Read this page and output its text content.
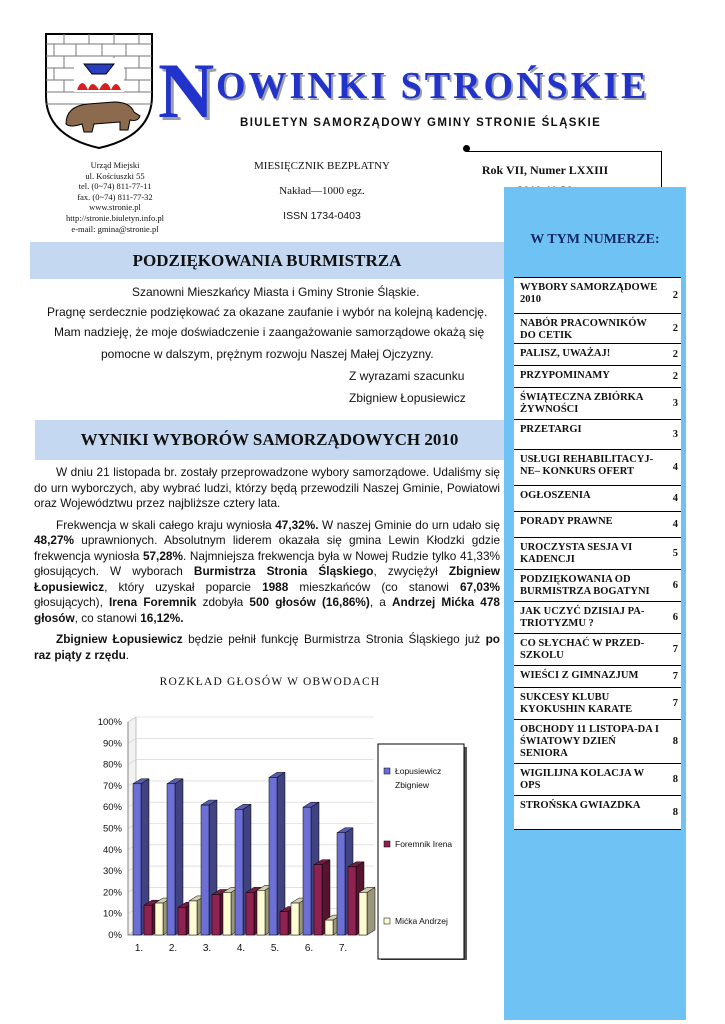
N OWINKI STROŃSKIE
BIULETYN SAMORZĄDOWY GMINY STRONIE ŚLĄSKIE
Urząd Miejski
ul. Kościuszki 55
tel. (0~74) 811-77-11
fax. (0~74) 811-77-32
www.stronie.pl
http://stronie.biuletyn.info.pl
e-mail: gmina@stronie.pl
MIESIĘCZNIK BEZPŁATNY
Nakład—1000 egz.
ISSN 1734-0403
Rok VII, Numer LXXIII
W TYM NUMERZE:
WYBORY SAMORZĄDOWE 2010	2
NABÓR PRACOWNIKÓW DO CETIK
2
PALISZ, UWAŻAJ!	2
PRZYPOMINAMY	2
ŚWIĄTECZNA ZBIÓRKA ŻYWNOŚCI
3
PRZETARGI	3
USŁUGI REHABILITACYJ-NE– KONKURS OFERT	4
OGŁOSZENIA	4
PORADY PRAWNE	4
UROCZYSTA SESJA VI KADENCJI
5
PODZIĘKOWANIA OD BURMISTRZA BOGATYNI
6
JAK UCZYĆ DZISIAJ PA-TRIOTYZMU ?
6
CO SŁYCHAĆ W PRZED-SZKOLU
7
WIEŚCI Z GIMNAZJUM	7
SUKCESY KLUBU KYOKUSHIN KARATE
7
OBCHODY 11 LISTOPA-DA I ŚWIATOWY DZIEŃ SENIORA
8
WIGILIJNA KOLACJA W OPS
8
STROŃSKA GWIAZDKA
8
PODZIĘKOWANIA BURMISTRZA
Szanowni Mieszkańcy Miasta i Gminy Stronie Śląskie.
Pragnę serdecznie podziękować za okazane zaufanie i wybór na kolejną kadencję.
Mam nadzieję, że moje doświadczenie i zaangażowanie samorządowe okażą się
pomocne w dalszym, prężnym rozwoju Naszej Małej Ojczyzny.
Z wyrazami szacunku
Zbigniew Łopusiewicz
WYNIKI WYBORÓW SAMORZĄDOWYCH 2010

W dniu 21 listopada br. zostały przeprowadzone wybory samorządowe. Udaliśmy się do urn wyborczych, aby wybrać ludzi, którzy będą przewodzili Naszej Gminie, Powiatowi oraz Województwu przez najbliższe cztery lata.

Frekwencja w skali całego kraju wyniosła 47,32%. W naszej Gminie do urn udało się 48,27% uprawnionych. Absolutnym liderem okazała się gmina Lewin Kłodzki gdzie frekwencja wyniosła 57,28%. Najmniejsza frekwencja była w Nowej Rudzie tylko 41,33% głosujących. W wyborach Burmistrza Stronia Śląskiego, zwyciężył Zbigniew Łopusiewicz, który uzyskał poparcie 1988 mieszkańców (co stanowi 67,03% głosujących), Irena Foremnik zdobyła 500 głosów (16,86%), a Andrzej Mićka 478 głosów, co stanowi 16,12%.

Zbigniew Łopusiewicz będzie pełnił funkcję Burmistrza Stronia Śląskiego już po raz piąty z rzędu.

ROZKŁAD GŁOSÓW W OBWODACH
0%
10%
20%
30%
40%
50%
60%
70%
80%
90%
100%
1.	2.	3.	4.	5.	6.	7.
Łopusiewicz Zbigniew
Foremnik Irena
Mićka Andrzej
